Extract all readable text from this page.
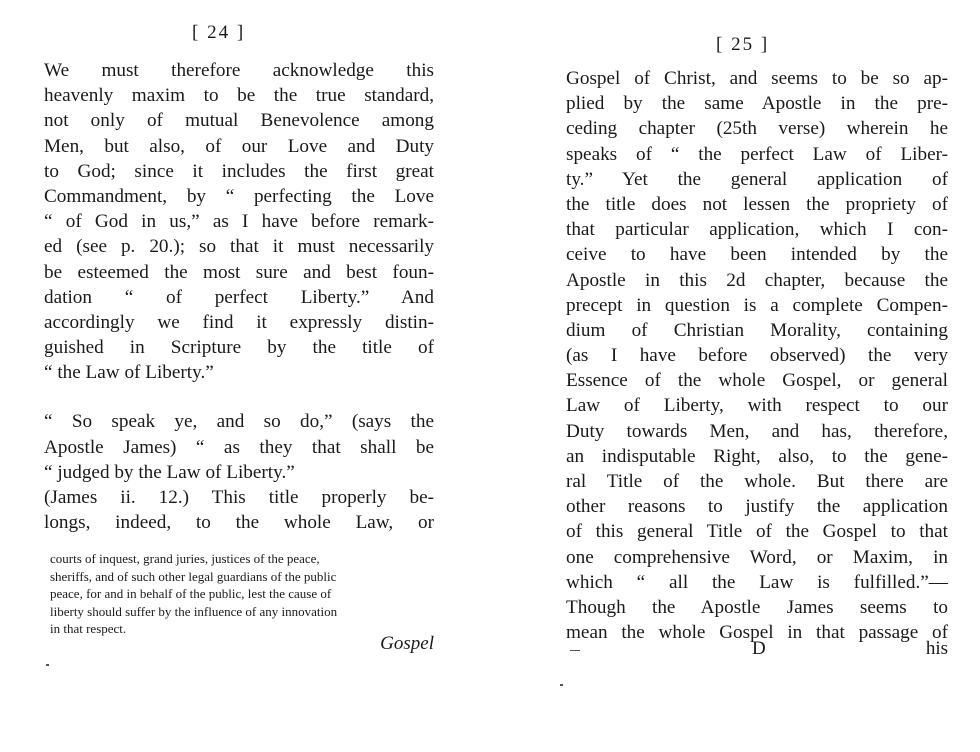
[ 24 ]
We must therefore acknowledge this
heavenly maxim to be the true standard,
not only of mutual Benevolence among
Men, but also, of our Love and Duty
to God; since it includes the first great
Commandment, by “ perfecting the Love
“ of God in us,” as I have before remark-
ed (see p. 20.); so that it must necessarily
be esteemed the most sure and best foun-
dation “ of perfect Liberty.” And
accordingly we find it expressly distin-
guished in Scripture by the title of
“ the Law of Liberty.”
“ So speak ye, and so do,” (says the
Apostle James) “ as they that shall be
“ judged by the Law of Liberty.”
(James ii. 12.) This title properly be-
longs, indeed, to the whole Law, or
courts of inquest, grand juries, justices of the peace,
sheriffs, and of such other legal guardians of the public
peace, for and in behalf of the public, lest the cause of
liberty should suffer by the influence of any innovation
in that respect.
Gospel
[ 25 ]
Gospel of Christ, and seems to be so ap-
plied by the same Apostle in the pre-
ceding chapter (25th verse) wherein he
speaks of “ the perfect Law of Liber-
ty.” Yet the general application of
the title does not lessen the propriety of
that particular application, which I con-
ceive to have been intended by the
Apostle in this 2d chapter, because the
precept in question is a complete Compen-
dium of Christian Morality, containing
(as I have before observed) the very
Essence of the whole Gospel, or general
Law of Liberty, with respect to our
Duty towards Men, and has, therefore,
an indisputable Right, also, to the gene-
ral Title of the whole. But there are
other reasons to justify the application
of this general Title of the Gospel to that
one comprehensive Word, or Maxim, in
which “ all the Law is fulfilled.”—
Though the Apostle James seems to
mean the whole Gospel in that passage of
D	his
